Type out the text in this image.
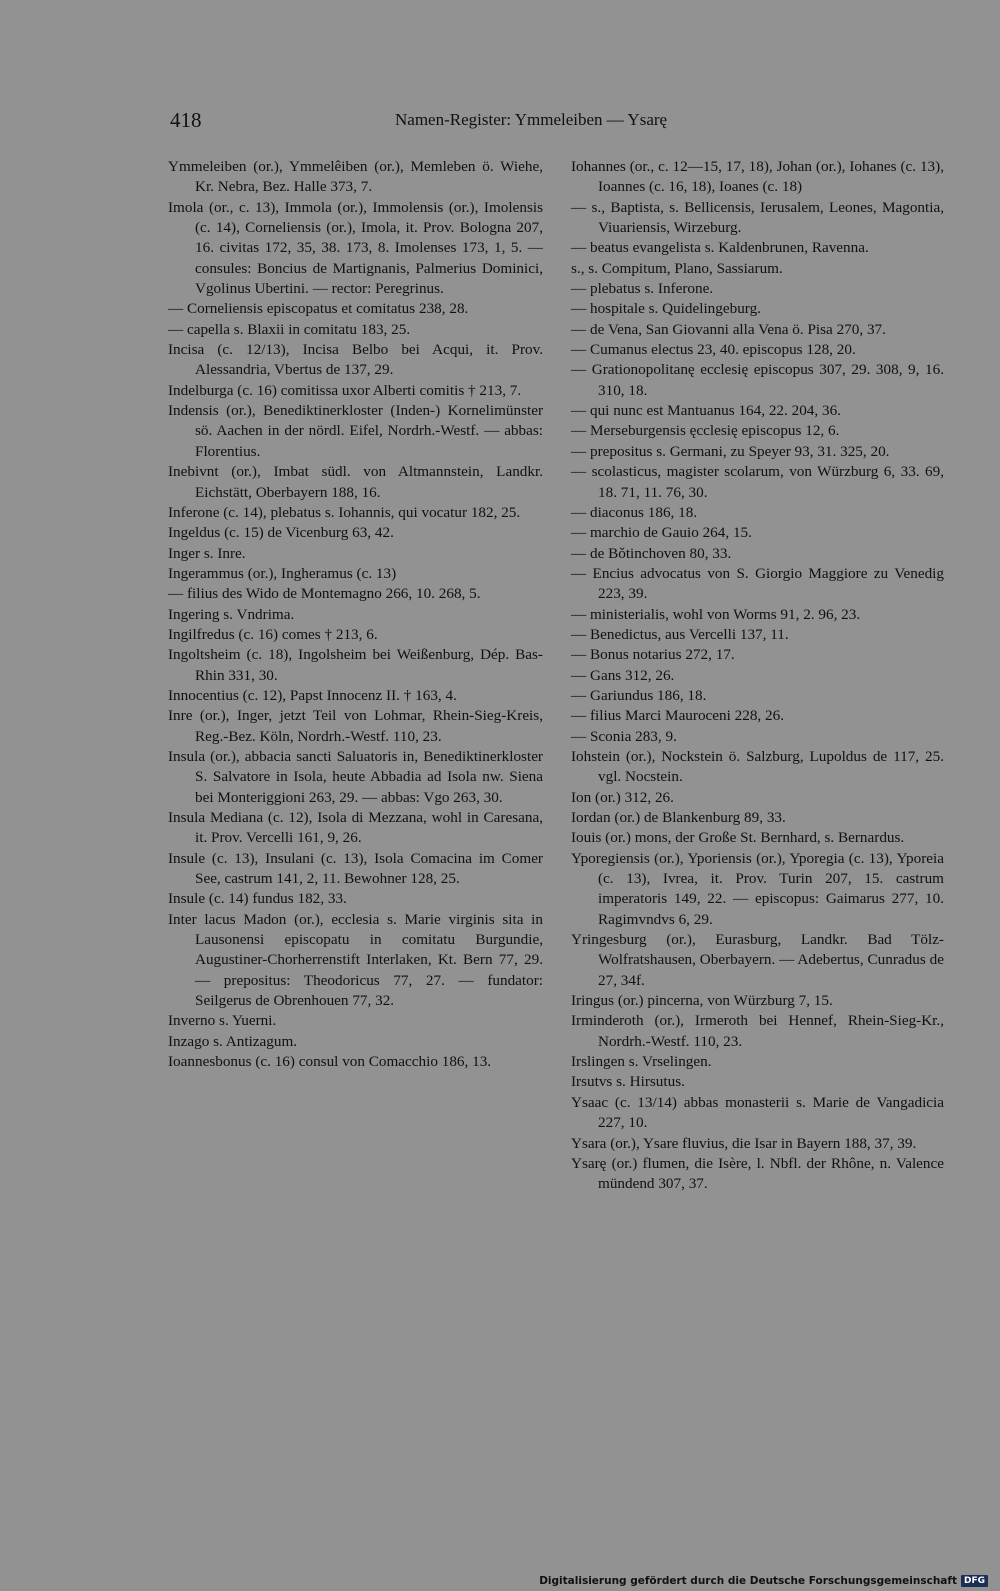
418	Namen-Register: Ymmeleiben — Ysarę
Ymmeleiben (or.), Ymmelêiben (or.), Memleben ö. Wiehe, Kr. Nebra, Bez. Halle 373, 7.
Imola (or., c. 13), Immola (or.), Immolensis (or.), Imolensis (c. 14), Corneliensis (or.), Imola, it. Prov. Bologna 207, 16. civitas 172, 35, 38. 173, 8. Imolenses 173, 1, 5. — consules: Boncius de Martignanis, Palmerius Dominici, Vgolinus Ubertini. — rector: Peregrinus.
— Corneliensis episcopatus et comitatus 238, 28.
— capella s. Blaxii in comitatu 183, 25.
Incisa (c. 12/13), Incisa Belbo bei Acqui, it. Prov. Alessandria, Vbertus de 137, 29.
Indelburga (c. 16) comitissa uxor Alberti comitis † 213, 7.
Indensis (or.), Benediktinerkloster (Inden-) Kornelimünster sö. Aachen in der nördl. Eifel, Nordrh.-Westf. — abbas: Florentius.
Inebivnt (or.), Imbat südl. von Altmannstein, Landkr. Eichstätt, Oberbayern 188, 16.
Inferone (c. 14), plebatus s. Iohannis, qui vocatur 182, 25.
Ingeldus (c. 15) de Vicenburg 63, 42.
Inger s. Inre.
Ingerammus (or.), Ingheramus (c. 13)
— filius des Wido de Montemagno 266, 10. 268, 5.
Ingering s. Vndrima.
Ingilfredus (c. 16) comes † 213, 6.
Ingoltsheim (c. 18), Ingolsheim bei Weißenburg, Dép. Bas-Rhin 331, 30.
Innocentius (c. 12), Papst Innocenz II. † 163, 4.
Inre (or.), Inger, jetzt Teil von Lohmar, Rhein-Sieg-Kreis, Reg.-Bez. Köln, Nordrh.-Westf. 110, 23.
Insula (or.), abbacia sancti Saluatoris in, Benediktinerkloster S. Salvatore in Isola, heute Abbadia ad Isola nw. Siena bei Monteriggioni 263, 29. — abbas: Vgo 263, 30.
Insula Mediana (c. 12), Isola di Mezzana, wohl in Caresana, it. Prov. Vercelli 161, 9, 26.
Insule (c. 13), Insulani (c. 13), Isola Comacina im Comer See, castrum 141, 2, 11. Bewohner 128, 25.
Insule (c. 14) fundus 182, 33.
Inter lacus Madon (or.), ecclesia s. Marie virginis sita in Lausonensi episcopatu in comitatu Burgundie, Augustiner-Chorherrenstift Interlaken, Kt. Bern 77, 29. — prepositus: Theodoricus 77, 27. — fundator: Seilgerus de Obrenhouen 77, 32.
Inverno s. Yuerni.
Inzago s. Antizagum.
Ioannesbonus (c. 16) consul von Comacchio 186, 13.
Iohannes (or., c. 12—15, 17, 18), Johan (or.), Iohanes (c. 13), Ioannes (c. 16, 18), Ioanes (c. 18)
— s., Baptista, s. Bellicensis, Ierusalem, Leones, Magontia, Viuariensis, Wirzeburg.
— beatus evangelista s. Kaldenbrunen, Ravenna.
s., s. Compitum, Plano, Sassiarum.
— plebatus s. Inferone.
— hospitale s. Quidelingeburg.
— de Vena, San Giovanni alla Vena ö. Pisa 270, 37.
— Cumanus electus 23, 40. episcopus 128, 20.
— Grationopolitanę ecclesię episcopus 307, 29. 308, 9, 16. 310, 18.
— qui nunc est Mantuanus 164, 22. 204, 36.
— Merseburgensis ęcclesię episcopus 12, 6.
— prepositus s. Germani, zu Speyer 93, 31. 325, 20.
— scolasticus, magister scolarum, von Würzburg 6, 33. 69, 18. 71, 11. 76, 30.
— diaconus 186, 18.
— marchio de Gauio 264, 15.
— de Bǒtinchoven 80, 33.
— Encius advocatus von S. Giorgio Maggiore zu Venedig 223, 39.
— ministerialis, wohl von Worms 91, 2. 96, 23.
— Benedictus, aus Vercelli 137, 11.
— Bonus notarius 272, 17.
— Gans 312, 26.
— Gariundus 186, 18.
— filius Marci Mauroceni 228, 26.
— Sconia 283, 9.
Iohstein (or.), Nockstein ö. Salzburg, Lupoldus de 117, 25. vgl. Nocstein.
Ion (or.) 312, 26.
Iordan (or.) de Blankenburg 89, 33.
Iouis (or.) mons, der Große St. Bernhard, s. Bernardus.
Yporegiensis (or.), Yporiensis (or.), Yporegia (c. 13), Yporeia (c. 13), Ivrea, it. Prov. Turin 207, 15. castrum imperatoris 149, 22. — episcopus: Gaimarus 277, 10. Ragimvndvs 6, 29.
Yringesburg (or.), Eurasburg, Landkr. Bad Tölz-Wolfratshausen, Oberbayern. — Adebertus, Cunradus de 27, 34f.
Iringus (or.) pincerna, von Würzburg 7, 15.
Irminderoth (or.), Irmeroth bei Hennef, Rhein-Sieg-Kr., Nordrh.-Westf. 110, 23.
Irslingen s. Vrselingen.
Irsutvs s. Hirsutus.
Ysaac (c. 13/14) abbas monasterii s. Marie de Vangadicia 227, 10.
Ysara (or.), Ysare fluvius, die Isar in Bayern 188, 37, 39.
Ysarę (or.) flumen, die Isère, l. Nbfl. der Rhône, n. Valence mündend 307, 37.
Digitalisierung gefördert durch die Deutsche Forschungsgemeinschaft DFG
